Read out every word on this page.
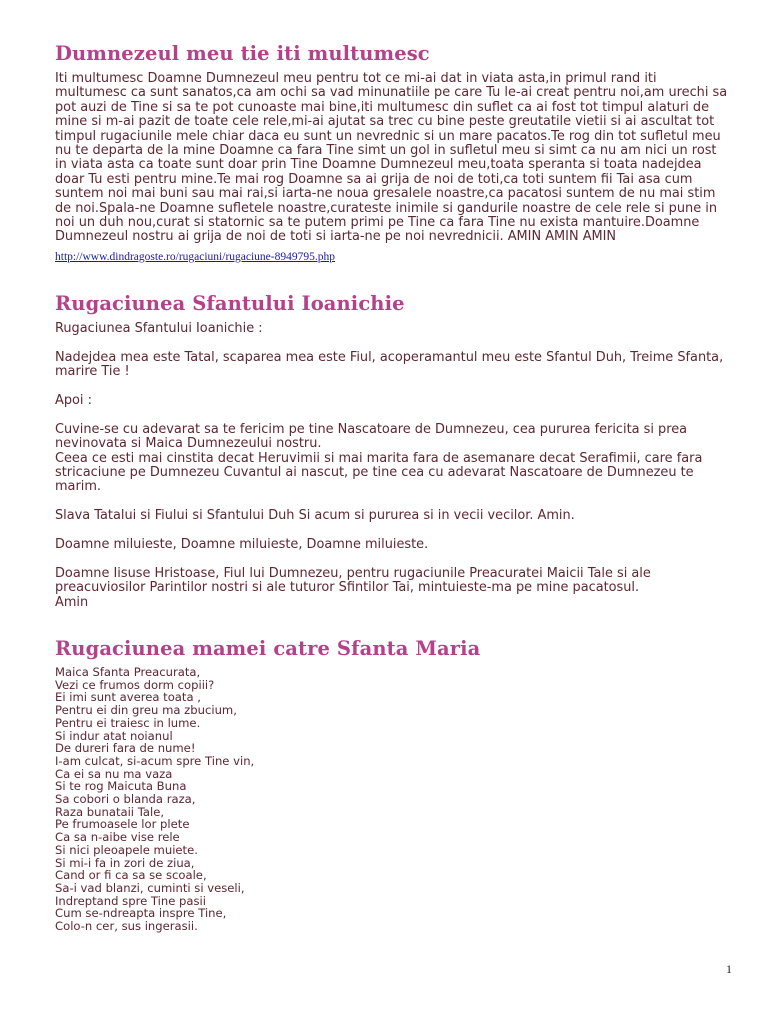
Dumnezeul meu tie iti multumesc

Iti multumesc Doamne Dumnezeul meu pentru tot ce mi-ai dat in viata asta,in primul rand iti
multumesc ca sunt sanatos,ca am ochi sa vad minunatiile pe care Tu le-ai creat pentru noi,am urechi sa
pot auzi de Tine si sa te pot cunoaste mai bine,iti multumesc din suflet ca ai fost tot timpul alaturi de
mine si m-ai pazit de toate cele rele,mi-ai ajutat sa trec cu bine peste greutatile vietii si ai ascultat tot
timpul rugaciunile mele chiar daca eu sunt un nevrednic si un mare pacatos.Te rog din tot sufletul meu
nu te departa de la mine Doamne ca fara Tine simt un gol in sufletul meu si simt ca nu am nici un rost
in viata asta ca toate sunt doar prin Tine Doamne Dumnezeul meu,toata speranta si toata nadejdea
doar Tu esti pentru mine.Te mai rog Doamne sa ai grija de noi de toti,ca toti suntem fii Tai asa cum
suntem noi mai buni sau mai rai,si iarta-ne noua gresalele noastre,ca pacatosi suntem de nu mai stim
de noi.Spala-ne Doamne sufletele noastre,curateste inimile si gandurile noastre de cele rele si pune in
noi un duh nou,curat si statornic sa te putem primi pe Tine ca fara Tine nu exista mantuire.Doamne
Dumnezeul nostru ai grija de noi de toti si iarta-ne pe noi nevrednicii. AMIN AMIN AMIN

http://www.dindragoste.ro/rugaciuni/rugaciune-8949795.php
Rugaciunea Sfantului Ioanichie

Rugaciunea Sfantului Ioanichie :

Nadejdea mea este Tatal, scaparea mea este Fiul, acoperamantul meu este Sfantul Duh, Treime Sfanta,
marire Tie !

Apoi :

Cuvine-se cu adevarat sa te fericim pe tine Nascatoare de Dumnezeu, cea pururea fericita si prea
nevinovata si Maica Dumnezeului nostru.
Ceea ce esti mai cinstita decat Heruvimii si mai marita fara de asemanare decat Serafimii, care fara
stricaciune pe Dumnezeu Cuvantul ai nascut, pe tine cea cu adevarat Nascatoare de Dumnezeu te
marim.

Slava Tatalui si Fiului si Sfantului Duh Si acum si pururea si in vecii vecilor. Amin.

Doamne miluieste, Doamne miluieste, Doamne miluieste.

Doamne Iisuse Hristoase, Fiul lui Dumnezeu, pentru rugaciunile Preacuratei Maicii Tale si ale
preacuviosilor Parintilor nostri si ale tuturor Sfintilor Tai, mintuieste-ma pe mine pacatosul.
Amin

Rugaciunea mamei catre Sfanta Maria
Maica Sfanta Preacurata,
Vezi ce frumos dorm copiii?
Ei imi sunt averea toata ,
Pentru ei din greu ma zbucium,
Pentru ei traiesc in lume.
Si indur atat noianul
De dureri fara de nume!
I-am culcat, si-acum spre Tine vin,
Ca ei sa nu ma vaza
Si te rog Maicuta Buna
Sa cobori o blanda raza,
Raza bunataii Tale,
Pe frumoasele lor plete
Ca sa n-aibe vise rele
Si nici pleoapele muiete.
Si mi-i fa in zori de ziua,
Cand or fi ca sa se scoale,
Sa-i vad blanzi, cuminti si veseli,
Indreptand spre Tine pasii
Cum se-ndreapta inspre Tine,
Colo-n cer, sus ingerasii.
1
